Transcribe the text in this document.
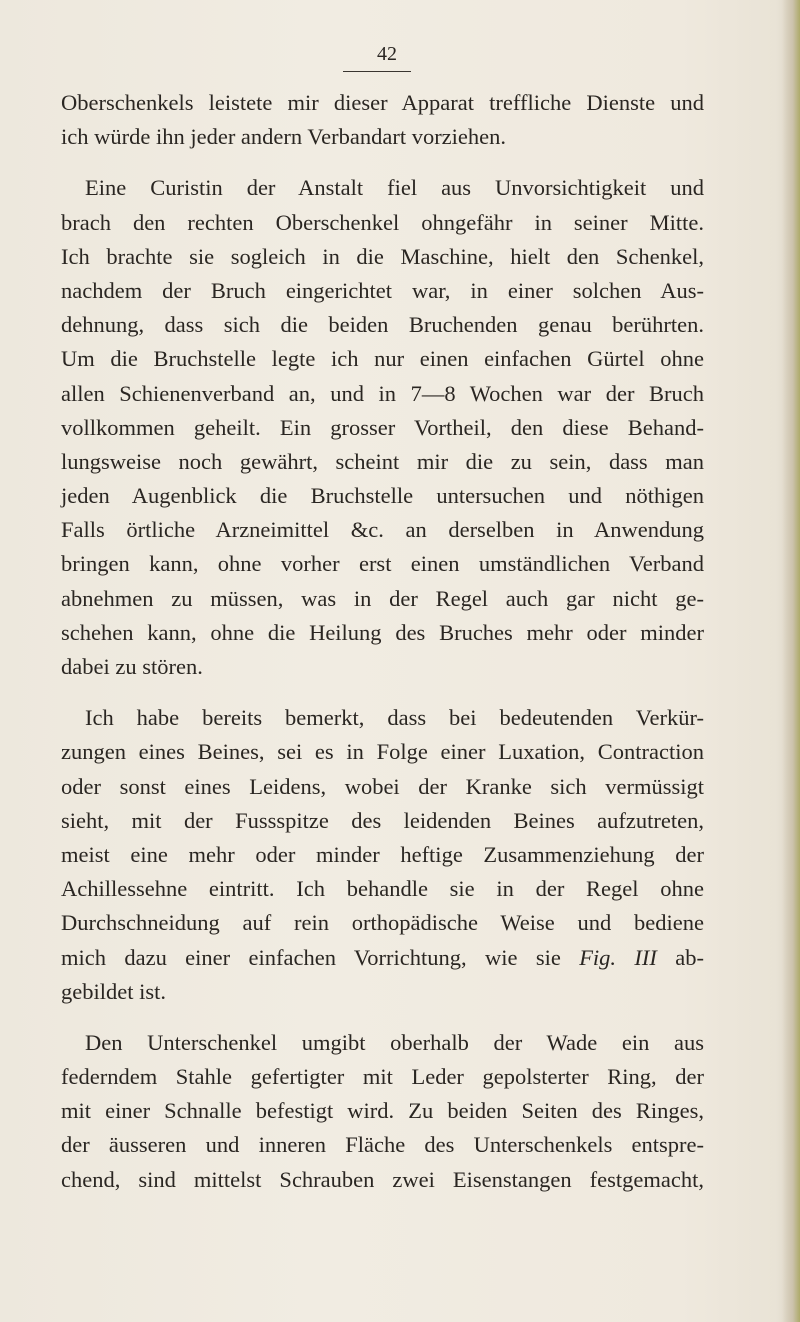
42
Oberschenkels leistete mir dieser Apparat treffliche Dienste und
ich würde ihn jeder andern Verbandart vorziehen.
Eine Curistin der Anstalt fiel aus Unvorsichtigkeit und
brach den rechten Oberschenkel ohngefähr in seiner Mitte.
Ich brachte sie sogleich in die Maschine, hielt den Schenkel,
nachdem der Bruch eingerichtet war, in einer solchen Aus-
dehnung, dass sich die beiden Bruchenden genau berührten.
Um die Bruchstelle legte ich nur einen einfachen Gürtel ohne
allen Schienenverband an, und in 7—8 Wochen war der Bruch
vollkommen geheilt. Ein grosser Vortheil, den diese Behand-
lungsweise noch gewährt, scheint mir die zu sein, dass man
jeden Augenblick die Bruchstelle untersuchen und nöthigen
Falls örtliche Arzneimittel &c. an derselben in Anwendung
bringen kann, ohne vorher erst einen umständlichen Verband
abnehmen zu müssen, was in der Regel auch gar nicht ge-
schehen kann, ohne die Heilung des Bruches mehr oder minder
dabei zu stören.
Ich habe bereits bemerkt, dass bei bedeutenden Verkür-
zungen eines Beines, sei es in Folge einer Luxation, Contraction
oder sonst eines Leidens, wobei der Kranke sich vermüssigt
sieht, mit der Fussspitze des leidenden Beines aufzutreten,
meist eine mehr oder minder heftige Zusammenziehung der
Achillessehne eintritt. Ich behandle sie in der Regel ohne
Durchschneidung auf rein orthopädische Weise und bediene
mich dazu einer einfachen Vorrichtung, wie sie Fig. III ab-
gebildet ist.
Den Unterschenkel umgibt oberhalb der Wade ein aus
federndem Stahle gefertigter mit Leder gepolsterter Ring, der
mit einer Schnalle befestigt wird. Zu beiden Seiten des Ringes,
der äusseren und inneren Fläche des Unterschenkels entspre-
chend, sind mittelst Schrauben zwei Eisenstangen festgemacht,
